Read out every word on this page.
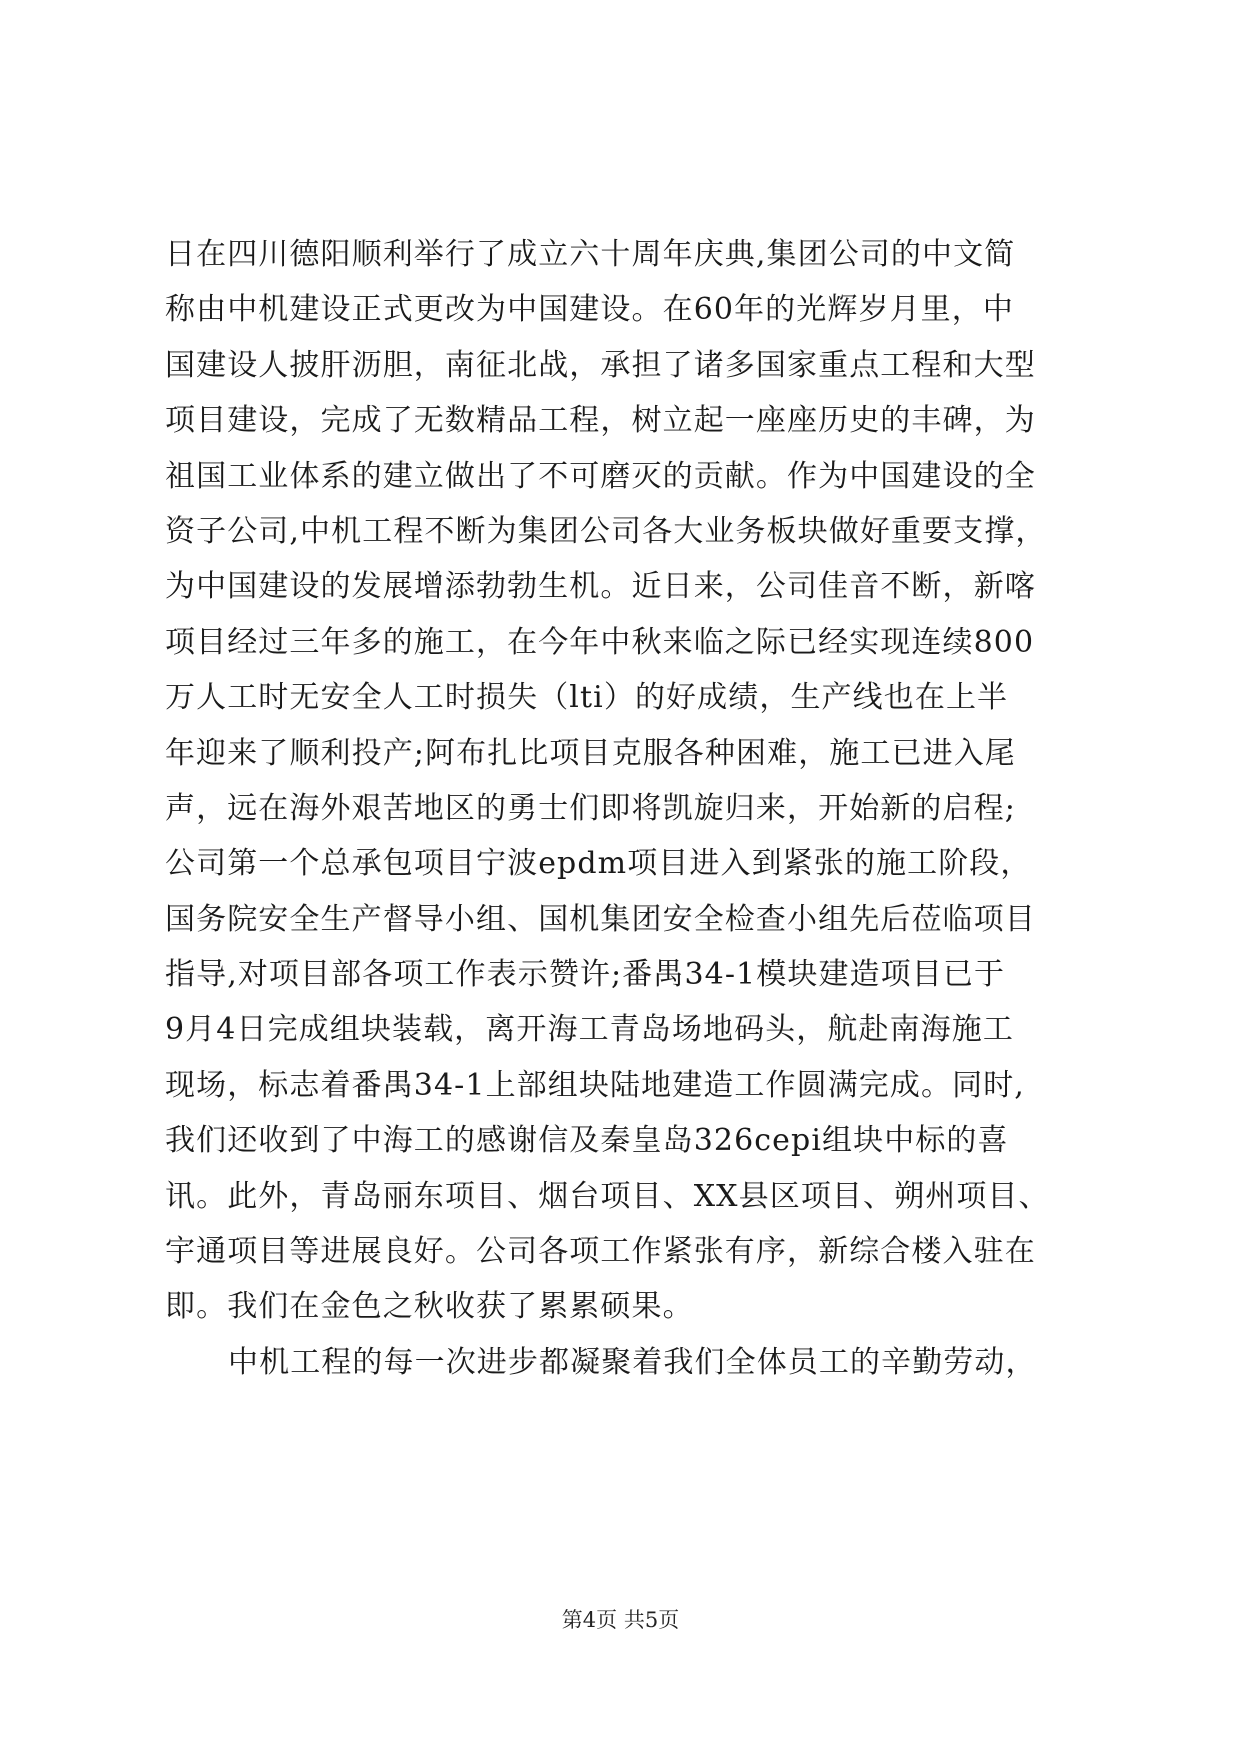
日在四川德阳顺利举行了成立六十周年庆典,集团公司的中文简
称由中机建设正式更改为中国建设。在60年的光辉岁月里，中
国建设人披肝沥胆，南征北战，承担了诸多国家重点工程和大型
项目建设，完成了无数精品工程，树立起一座座历史的丰碑，为
祖国工业体系的建立做出了不可磨灭的贡献。作为中国建设的全
资子公司,中机工程不断为集团公司各大业务板块做好重要支撑，
为中国建设的发展增添勃勃生机。近日来，公司佳音不断，新喀
项目经过三年多的施工，在今年中秋来临之际已经实现连续800
万人工时无安全人工时损失（lti）的好成绩，生产线也在上半
年迎来了顺利投产;阿布扎比项目克服各种困难，施工已进入尾
声，远在海外艰苦地区的勇士们即将凯旋归来，开始新的启程;
公司第一个总承包项目宁波epdm项目进入到紧张的施工阶段，
国务院安全生产督导小组、国机集团安全检查小组先后莅临项目
指导,对项目部各项工作表示赞许;番禺34-1模块建造项目已于
9月4日完成组块装载，离开海工青岛场地码头，航赴南海施工
现场，标志着番禺34-1上部组块陆地建造工作圆满完成。同时,
我们还收到了中海工的感谢信及秦皇岛326cepi组块中标的喜
讯。此外，青岛丽东项目、烟台项目、XX县区项目、朔州项目、
宇通项目等进展良好。公司各项工作紧张有序，新综合楼入驻在
即。我们在金色之秋收获了累累硕果。
中机工程的每一次进步都凝聚着我们全体员工的辛勤劳动，
第4页 共5页
